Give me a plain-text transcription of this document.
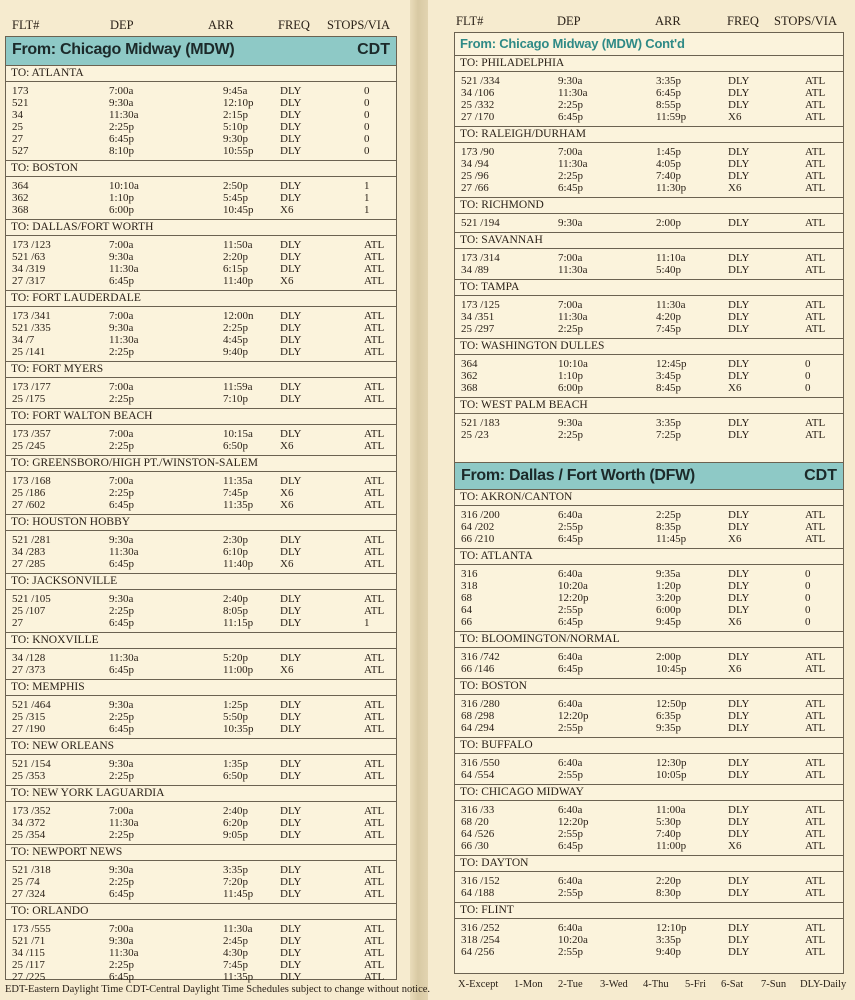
FLT#	DEP	ARR	FREQ STOPS/VIA
From: Chicago Midway (MDW)	CDT
TO: ATLANTA
173	7:00a	9:45a	DLY	0
521	9:30a	12:10p DLY	0
34	11:30a	2:15p	DLY	0
25	2:25p	5:10p	DLY	0
27	6:45p	9:30p	DLY	0
527	8:10p	10:55p DLY	0
TO: BOSTON
364	10:10a	2:50p	DLY	1
362	1:10p	5:45p	DLY	1
368	6:00p	10:45p X6	1
TO: DALLAS/FORT WORTH
173 /123	7:00a	11:50a DLY	ATL
521 /63	9:30a	2:20p	DLY	ATL
34 /319	11:30a	6:15p	DLY	ATL
27 /317	6:45p	11:40p X6	ATL
TO: FORT LAUDERDALE
173 /341	7:00a	12:00n DLY	ATL
521 /335	9:30a	2:25p	DLY	ATL
34 /7	11:30a	4:45p	DLY	ATL
25 /141	2:25p	9:40p	DLY	ATL
TO: FORT MYERS
173 /177	7:00a	11:59a DLY	ATL
25 /175	2:25p	7:10p	DLY	ATL
TO: FORT WALTON BEACH
173 /357	7:00a	10:15a DLY	ATL
25 /245	2:25p	6:50p	X6	ATL
TO: GREENSBORO/HIGH PT./WINSTON-SALEM
173 /168	7:00a	11:35a DLY	ATL
25 /186	2:25p	7:45p	X6	ATL
27 /602	6:45p	11:35p X6	ATL
TO: HOUSTON HOBBY
521 /281	9:30a	2:30p	DLY	ATL
34 /283	11:30a	6:10p	DLY	ATL
27 /285	6:45p	11:40p X6	ATL
TO: JACKSONVILLE
521 /105	9:30a	2:40p	DLY	ATL
25 /107	2:25p	8:05p	DLY	ATL
27	6:45p	11:15p DLY	1
TO: KNOXVILLE
34 /128	11:30a	5:20p	DLY	ATL
27 /373	6:45p	11:00p X6	ATL
TO: MEMPHIS
521 /464	9:30a	1:25p	DLY	ATL
25 /315	2:25p	5:50p	DLY	ATL
27 /190	6:45p	10:35p DLY	ATL
TO: NEW ORLEANS
521 /154	9:30a	1:35p	DLY	ATL
25 /353	2:25p	6:50p	DLY	ATL
TO: NEW YORK LAGUARDIA
173 /352	7:00a	2:40p	DLY	ATL
34 /372	11:30a	6:20p	DLY	ATL
25 /354	2:25p	9:05p	DLY	ATL
TO: NEWPORT NEWS
521 /318	9:30a	3:35p	DLY	ATL
25 /74	2:25p	7:20p	DLY	ATL
27 /324	6:45p	11:45p DLY	ATL
TO: ORLANDO
173 /555	7:00a	11:30a DLY	ATL
521 /71	9:30a	2:45p	DLY	ATL
34 /115	11:30a	4:30p	DLY	ATL
25 /117	2:25p	7:45p	DLY	ATL
27 /225	6:45p	11:35p DLY	ATL
EDT-Eastern Daylight Time CDT-Central Daylight Time Schedules subject to change without notice.
FLT#	DEP	ARR	FREQ STOPS/VIA
From: Chicago Midway (MDW) Cont'd
TO: PHILADELPHIA
521 /334	9:30a	3:35p	DLY	ATL
34 /106	11:30a	6:45p	DLY	ATL
25 /332	2:25p	8:55p	DLY	ATL
27 /170	6:45p	11:59p	X6	ATL
TO: RALEIGH/DURHAM
173 /90	7:00a	1:45p	DLY	ATL
34 /94	11:30a	4:05p	DLY	ATL
25 /96	2:25p	7:40p	DLY	ATL
27 /66	6:45p	11:30p	X6	ATL
TO: RICHMOND
521 /194	9:30a	2:00p	DLY	ATL
TO: SAVANNAH
173 /314	7:00a	11:10a	DLY	ATL
34 /89	11:30a	5:40p	DLY	ATL
TO: TAMPA
173 /125	7:00a	11:30a	DLY	ATL
34 /351	11:30a	4:20p	DLY	ATL
25 /297	2:25p	7:45p	DLY	ATL
TO: WASHINGTON DULLES
364	10:10a	12:45p	DLY	0
362	1:10p	3:45p	DLY	0
368	6:00p	8:45p	X6	0
TO: WEST PALM BEACH
521 /183	9:30a	3:35p	DLY	ATL
25 /23	2:25p	7:25p	DLY	ATL
From: Dallas / Fort Worth (DFW)	CDT
TO: AKRON/CANTON
316 /200	6:40a	2:25p	DLY	ATL
64 /202	2:55p	8:35p	DLY	ATL
66 /210	6:45p	11:45p	X6	ATL
TO: ATLANTA
316	6:40a	9:35a	DLY	0
318	10:20a	1:20p	DLY	0
68	12:20p	3:20p	DLY	0
64	2:55p	6:00p	DLY	0
66	6:45p	9:45p	X6	0
TO: BLOOMINGTON/NORMAL
316 /742	6:40a	2:00p	DLY	ATL
66 /146	6:45p	10:45p	X6	ATL
TO: BOSTON
316 /280	6:40a	12:50p	DLY	ATL
68 /298	12:20p	6:35p	DLY	ATL
64 /294	2:55p	9:35p	DLY	ATL
TO: BUFFALO
316 /550	6:40a	12:30p	DLY	ATL
64 /554	2:55p	10:05p	DLY	ATL
TO: CHICAGO MIDWAY
316 /33	6:40a	11:00a	DLY	ATL
68 /20	12:20p	5:30p	DLY	ATL
64 /526	2:55p	7:40p	DLY	ATL
66 /30	6:45p	11:00p	X6	ATL
TO: DAYTON
316 /152	6:40a	2:20p	DLY	ATL
64 /188	2:55p	8:30p	DLY	ATL
TO: FLINT
316 /252	6:40a	12:10p	DLY	ATL
318 /254	10:20a	3:35p	DLY	ATL
64 /256	2:55p	9:40p	DLY	ATL
X-Except 1-Mon 2-Tue 3-Wed 4-Thu 5-Fri 6-Sat 7-Sun DLY-Daily
